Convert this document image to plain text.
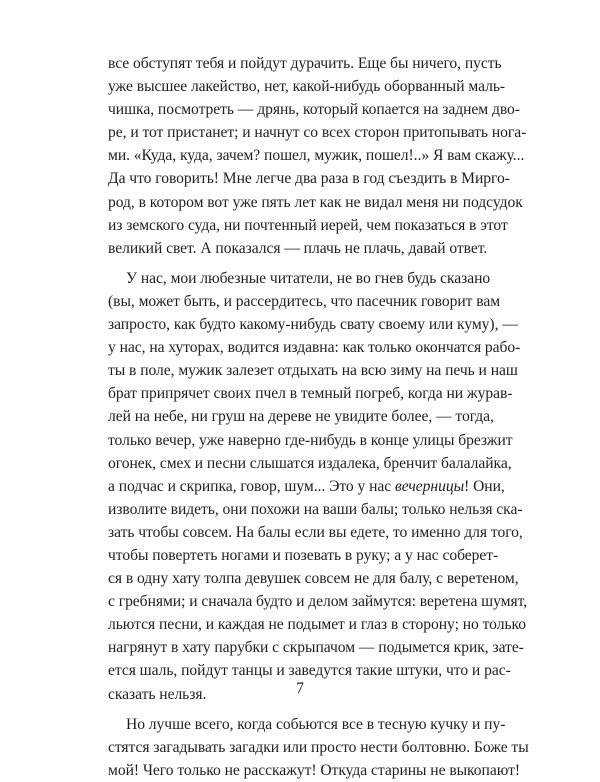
все обступят тебя и пойдут дурачить. Еще бы ничего, пусть
уже высшее лакейство, нет, какой-нибудь оборванный маль-
чишка, посмотреть — дрянь, который копается на заднем дво-
ре, и тот пристанет; и начнут со всех сторон притопывать нога-
ми. «Куда, куда, зачем? пошел, мужик, пошел!..» Я вам скажу...
Да что говорить! Мне легче два раза в год съездить в Мирго-
род, в котором вот уже пять лет как не видал меня ни подсудок
из земского суда, ни почтенный иерей, чем показаться в этот
великий свет. А показался — плачь не плачь, давай ответ.
У нас, мои любезные читатели, не во гнев будь сказано
(вы, может быть, и рассердитесь, что пасечник говорит вам
запросто, как будто какому-нибудь свату своему или куму), —
у нас, на хуторах, водится издавна: как только окончатся рабо-
ты в поле, мужик залезет отдыхать на всю зиму на печь и наш
брат припрячет своих пчел в темный погреб, когда ни журав-
лей на небе, ни груш на дереве не увидите более, — тогда,
только вечер, уже наверно где-нибудь в конце улицы брезжит
огонек, смех и песни слышатся издалека, бренчит балалайка,
а подчас и скрипка, говор, шум... Это у нас вечерницы! Они,
изволите видеть, они похожи на ваши балы; только нельзя ска-
зать чтобы совсем. На балы если вы едете, то именно для того,
чтобы повертеть ногами и позевать в руку; а у нас соберет-
ся в одну хату толпа девушек совсем не для балу, с веретеном,
с гребнями; и сначала будто и делом займутся: веретена шумят,
льются песни, и каждая не подымет и глаз в сторону; но только
нагрянут в хату парубки с скрыпачом — подымется крик, зате-
ется шаль, пойдут танцы и заведутся такие штуки, что и рас-
сказать нельзя.
Но лучше всего, когда собьются все в тесную кучку и пу-
стятся загадывать загадки или просто нести болтовню. Боже ты
мой! Чего только не расскажут! Откуда старины не выкопают!
7
